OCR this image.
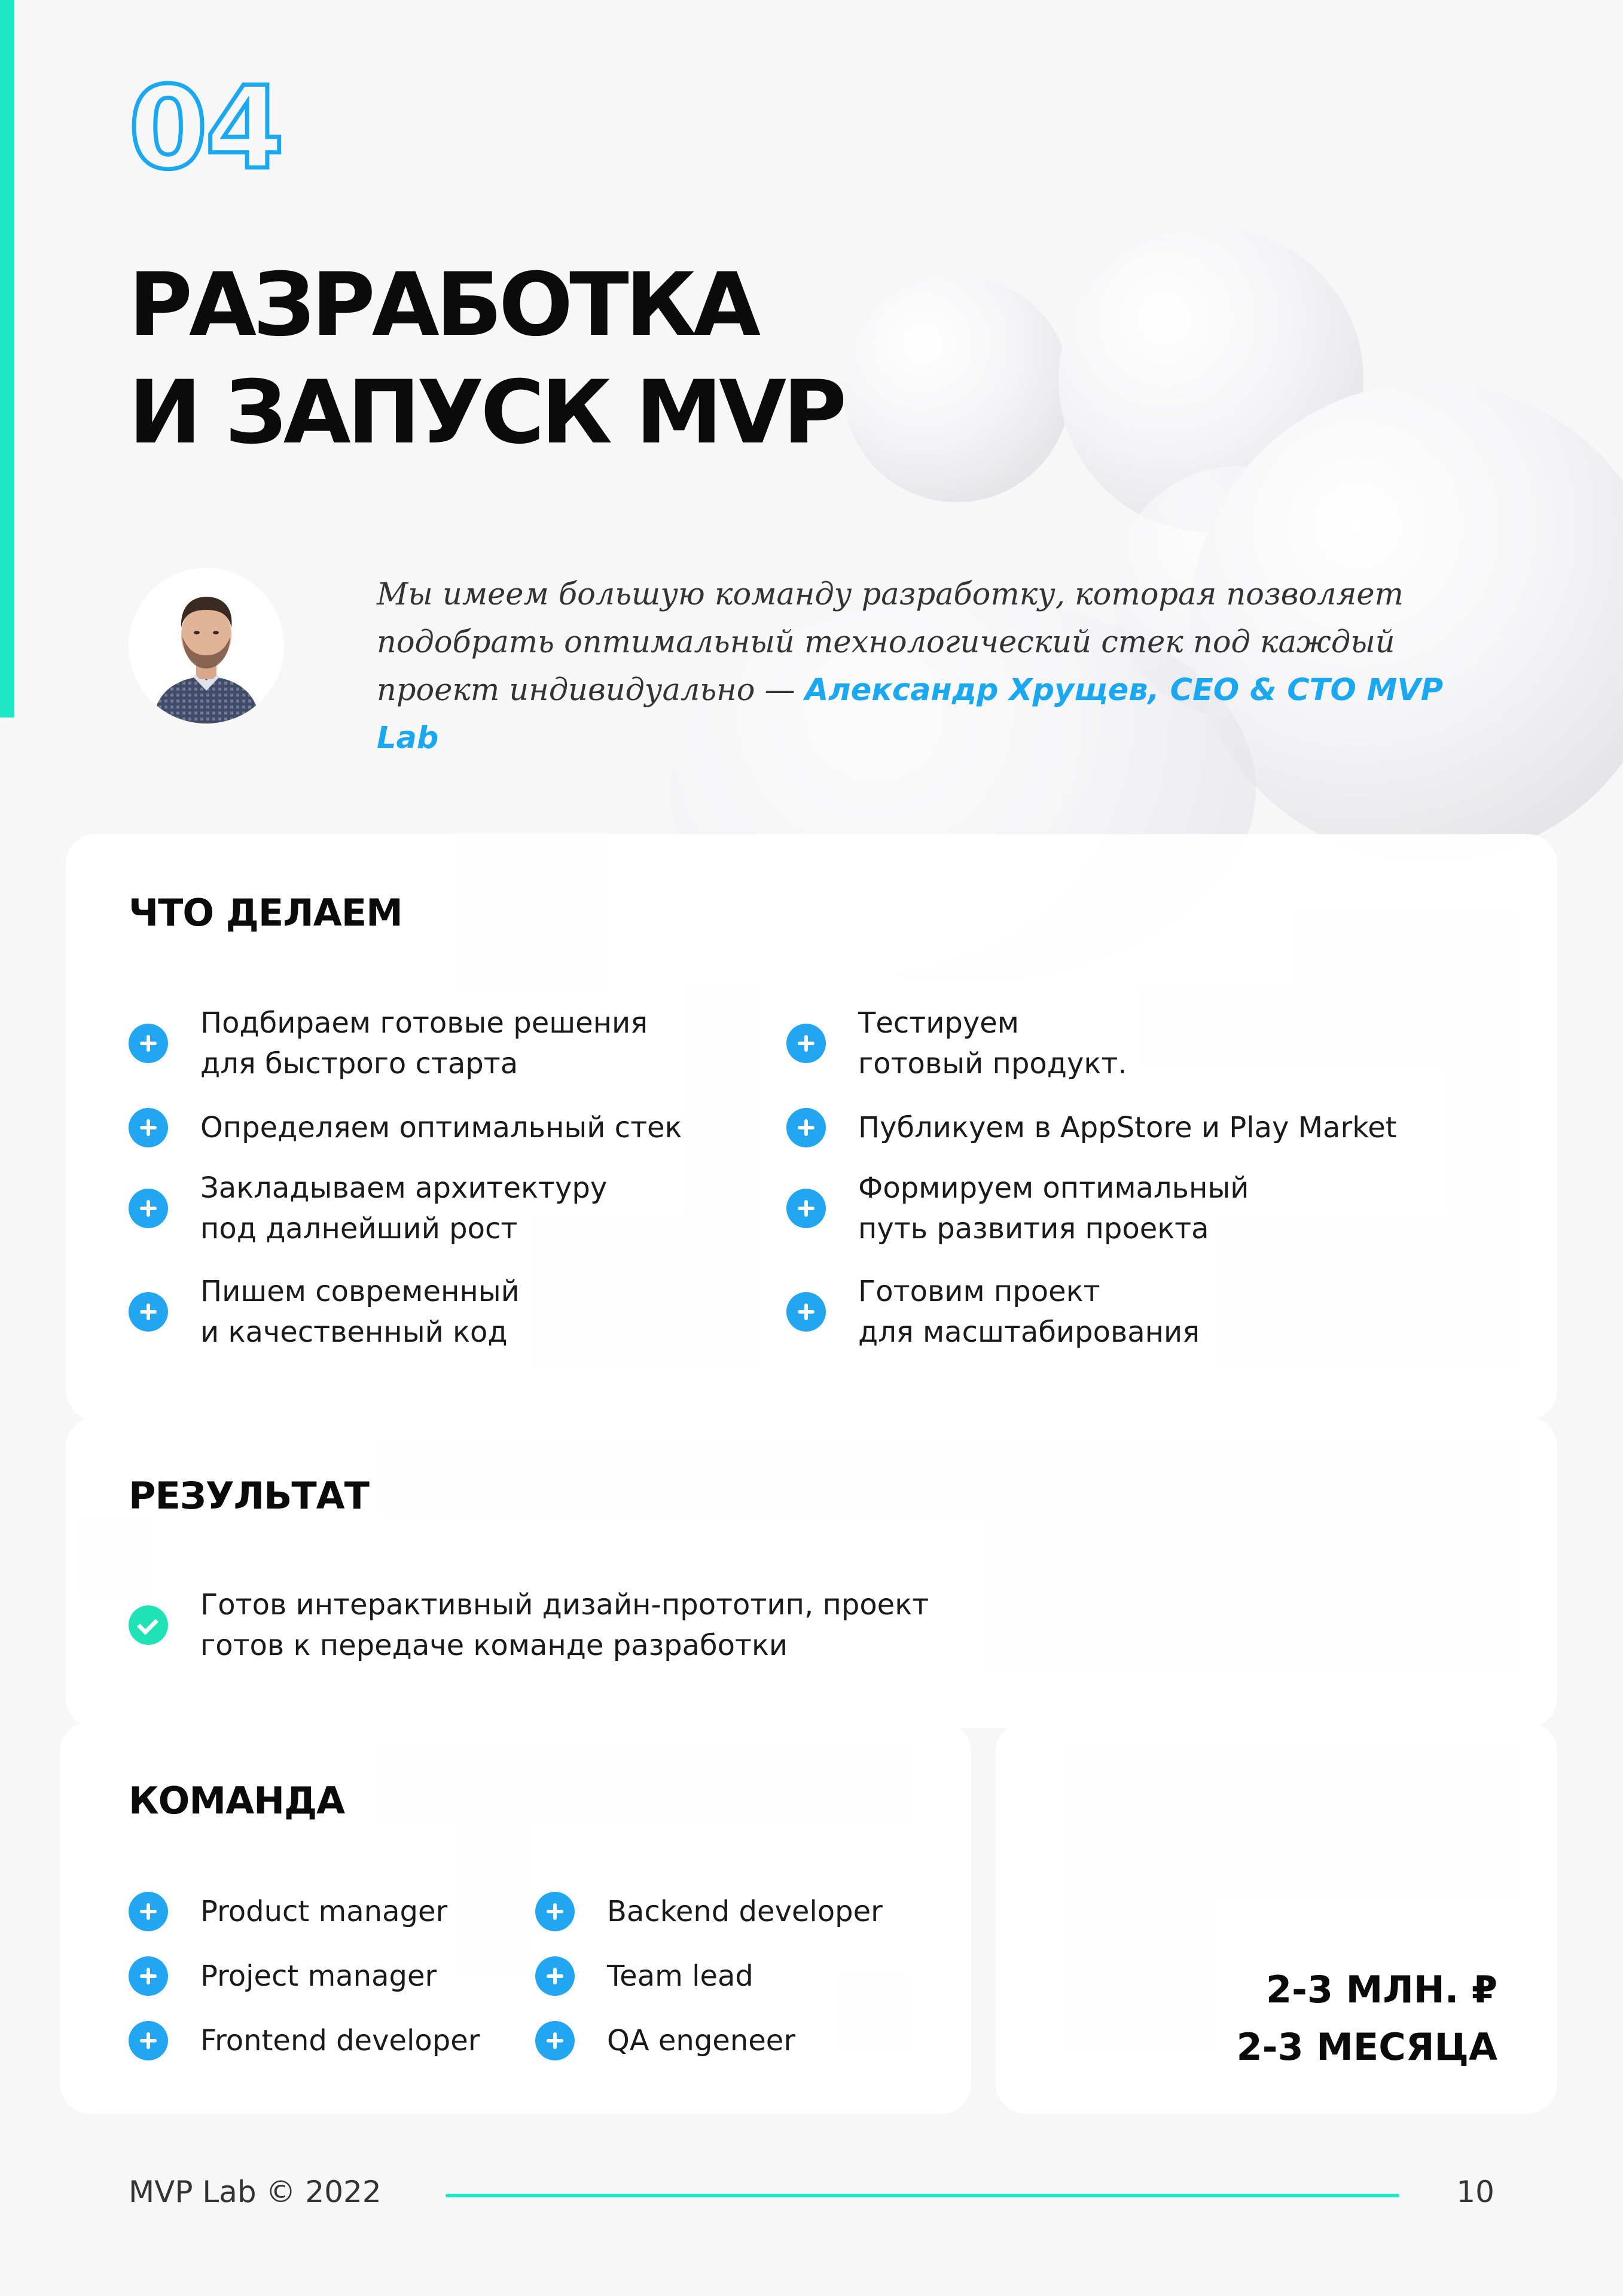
04
РАЗРАБОТКА
И ЗАПУСК MVP

Мы имеем большую команду разработку, которая позволяет подобрать оптимальный технологический стек под каждый проект индивидуально — Александр Хрущев, CEO & CTO MVP Lab

ЧТО ДЕЛАЕМ
Подбираем готовые решения
для быстрого старта
Определяем оптимальный стек
Закладываем архитектуру
под далнейший рост
Пишем современный
и качественный код
Тестируем
готовый продукт.
Публикуем в AppStore и Play Market
Формируем оптимальный
путь развития проекта
Готовим проект
для масштабирования
РЕЗУЛЬТАТ
Готов интерактивный дизайн-прототип, проект
готов к передаче команде разработки
КОМАНДА
Product manager
Project manager
Frontend developer
Backend developer
Team lead
QA engeneer
2-3 МЛН. ₽
2-3 МЕСЯЦА
MVP Lab © 2022	10
